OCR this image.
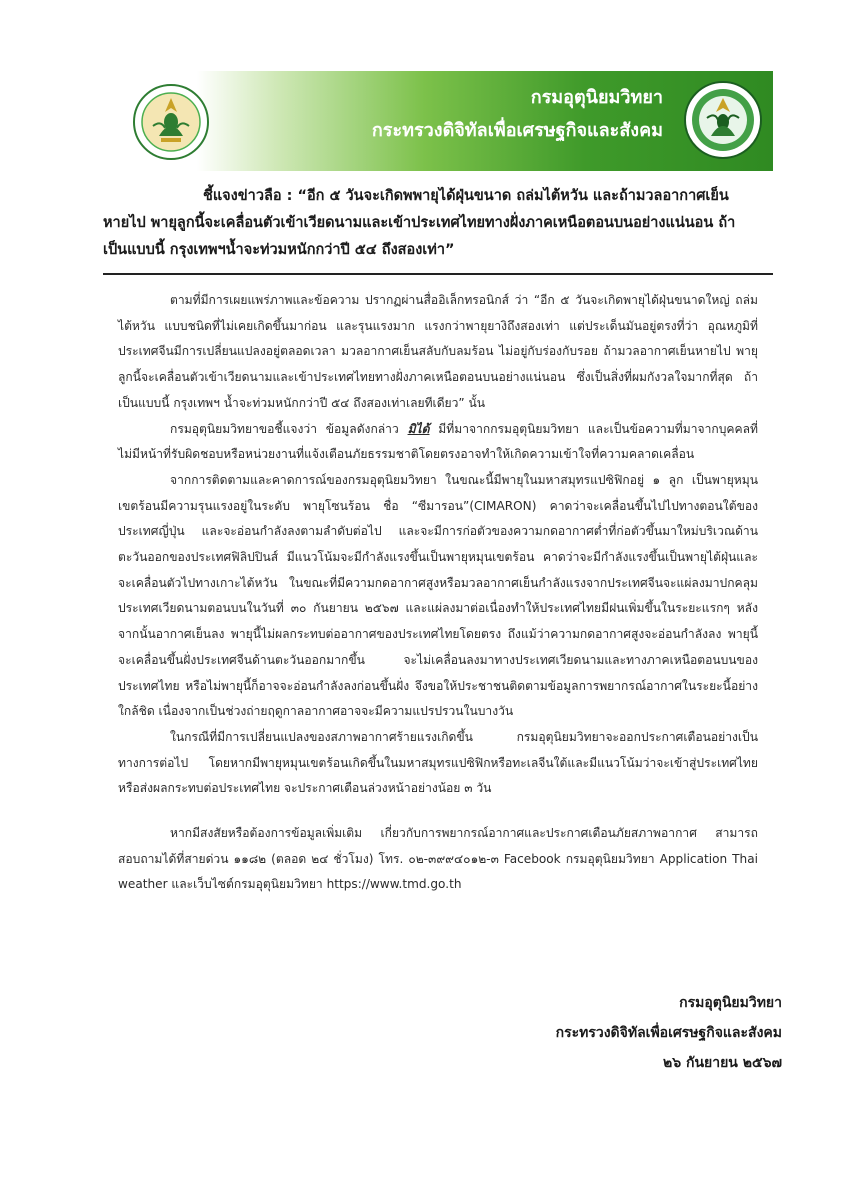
กรมอุตุนิยมวิทยา
กระทรวงดิจิทัลเพื่อเศรษฐกิจและสังคม
ชี้แจงข่าวลือ : “อีก ๕ วันจะเกิดพพายุได้ฝุ่นขนาด ถล่มไต้หวัน และถ้ามวลอากาศเย็น
หายไป พายุลูกนี้จะเคลื่อนตัวเข้าเวียดนามและเข้าประเทศไทยทางฝั่งภาคเหนือตอนบนอย่างแน่นอน ถ้า
เป็นแบบนี้ กรุงเทพฯน้ำจะท่วมหนักกว่าปี ๕๔ ถึงสองเท่า”

ตามที่มีการเผยแพร่ภาพและข้อความ ปรากฏผ่านสื่ออิเล็กทรอนิกส์ ว่า “อีก ๕ วันจะเกิดพายุได้ฝุ่นขนาดใหญ่ ถล่มไต้หวัน แบบชนิดที่ไม่เคยเกิดขึ้นมาก่อน และรุนแรงมาก แรงกว่าพายุยางิถึงสองเท่า แต่ประเด็นมันอยู่ตรงที่ว่า อุณหภูมิที่ประเทศจีนมีการเปลี่ยนแปลงอยู่ตลอดเวลา มวลอากาศเย็นสลับกับลมร้อน ไม่อยู่กับร่องกับรอย ถ้ามวลอากาศเย็นหายไป พายุลูกนี้จะเคลื่อนตัวเข้าเวียดนามและเข้าประเทศไทยทางฝั่งภาคเหนือตอนบนอย่างแน่นอน ซึ่งเป็นสิ่งที่ผมกังวลใจมากที่สุด ถ้าเป็นแบบนี้ กรุงเทพฯ น้ำจะท่วมหนักกว่าปี ๕๔ ถึงสองเท่าเลยทีเดียว” นั้น

กรมอุตุนิยมวิทยาขอชี้แจงว่า ข้อมูลดังกล่าว มิได้ มีที่มาจากกรมอุตุนิยมวิทยา และเป็นข้อความที่มาจากบุคคลที่ไม่มีหน้าที่รับผิดชอบหรือหน่วยงานที่แจ้งเตือนภัยธรรมชาติโดยตรงอาจทำให้เกิดความเข้าใจที่ความคลาดเคลื่อน

จากการติดตามและคาดการณ์ของกรมอุตุนิยมวิทยา ในขณะนี้มีพายุในมหาสมุทรแปซิฟิกอยู่ ๑ ลูก เป็นพายุหมุนเขตร้อนมีความรุนแรงอยู่ในระดับ พายุโซนร้อน ชื่อ “ซีมารอน”(CIMARON) คาดว่าจะเคลื่อนขึ้นไปไปทางตอนใต้ของประเทศญี่ปุ่น และจะอ่อนกำลังลงตามลำดับต่อไป และจะมีการก่อตัวของความกดอากาศต่ำที่ก่อตัวขึ้นมาใหม่บริเวณด้านตะวันออกของประเทศฟิลิปปินส์ มีแนวโน้มจะมีกำลังแรงขึ้นเป็นพายุหมุนเขตร้อน คาดว่าจะมีกำลังแรงขึ้นเป็นพายุไต้ฝุ่นและจะเคลื่อนตัวไปทางเกาะไต้หวัน ในขณะที่มีความกดอากาศสูงหรือมวลอากาศเย็นกำลังแรงจากประเทศจีนจะแผ่ลงมาปกคลุมประเทศเวียดนามตอนบนในวันที่ ๓๐ กันยายน ๒๕๖๗ และแผ่ลงมาต่อเนื่องทำให้ประเทศไทยมีฝนเพิ่มขึ้นในระยะแรกๆ หลังจากนั้นอากาศเย็นลง พายุนี้ไม่ผลกระทบต่ออากาศของประเทศไทยโดยตรง ถึงแม้ว่าความกดอากาศสูงจะอ่อนกำลังลง พายุนี้จะเคลื่อนขึ้นฝั่งประเทศจีนด้านตะวันออกมากขึ้น จะไม่เคลื่อนลงมาทางประเทศเวียดนามและทางภาคเหนือตอนบนของประเทศไทย หรือไม่พายุนี้ก็อาจจะอ่อนกำลังลงก่อนขึ้นฝั่ง จึงขอให้ประชาชนติดตามข้อมูลการพยากรณ์อากาศในระยะนี้อย่างใกล้ชิด เนื่องจากเป็นช่วงถ่ายฤดูกาลอากาศอาจจะมีความแปรปรวนในบางวัน

ในกรณีที่มีการเปลี่ยนแปลงของสภาพอากาศร้ายแรงเกิดขึ้น กรมอุตุนิยมวิทยาจะออกประกาศเตือนอย่างเป็นทางการต่อไป โดยหากมีพายุหมุนเขตร้อนเกิดขึ้นในมหาสมุทรแปซิฟิกหรือทะเลจีนใต้และมีแนวโน้มว่าจะเข้าสู่ประเทศไทยหรือส่งผลกระทบต่อประเทศไทย จะประกาศเตือนล่วงหน้าอย่างน้อย ๓ วัน

หากมีสงสัยหรือต้องการข้อมูลเพิ่มเติม เกี่ยวกับการพยากรณ์อากาศและประกาศเตือนภัยสภาพอากาศ สามารถสอบถามได้ที่สายด่วน ๑๑๘๒ (ตลอด ๒๔ ชั่วโมง) โทร. ๐๒-๓๙๙๔๐๑๒-๓ Facebook กรมอุตุนิยมวิทยา Application Thai weather และเว็บไซต์กรมอุตุนิยมวิทยา https://www.tmd.go.th

กรมอุตุนิยมวิทยา
กระทรวงดิจิทัลเพื่อเศรษฐกิจและสังคม
๒๖ กันยายน ๒๕๖๗
